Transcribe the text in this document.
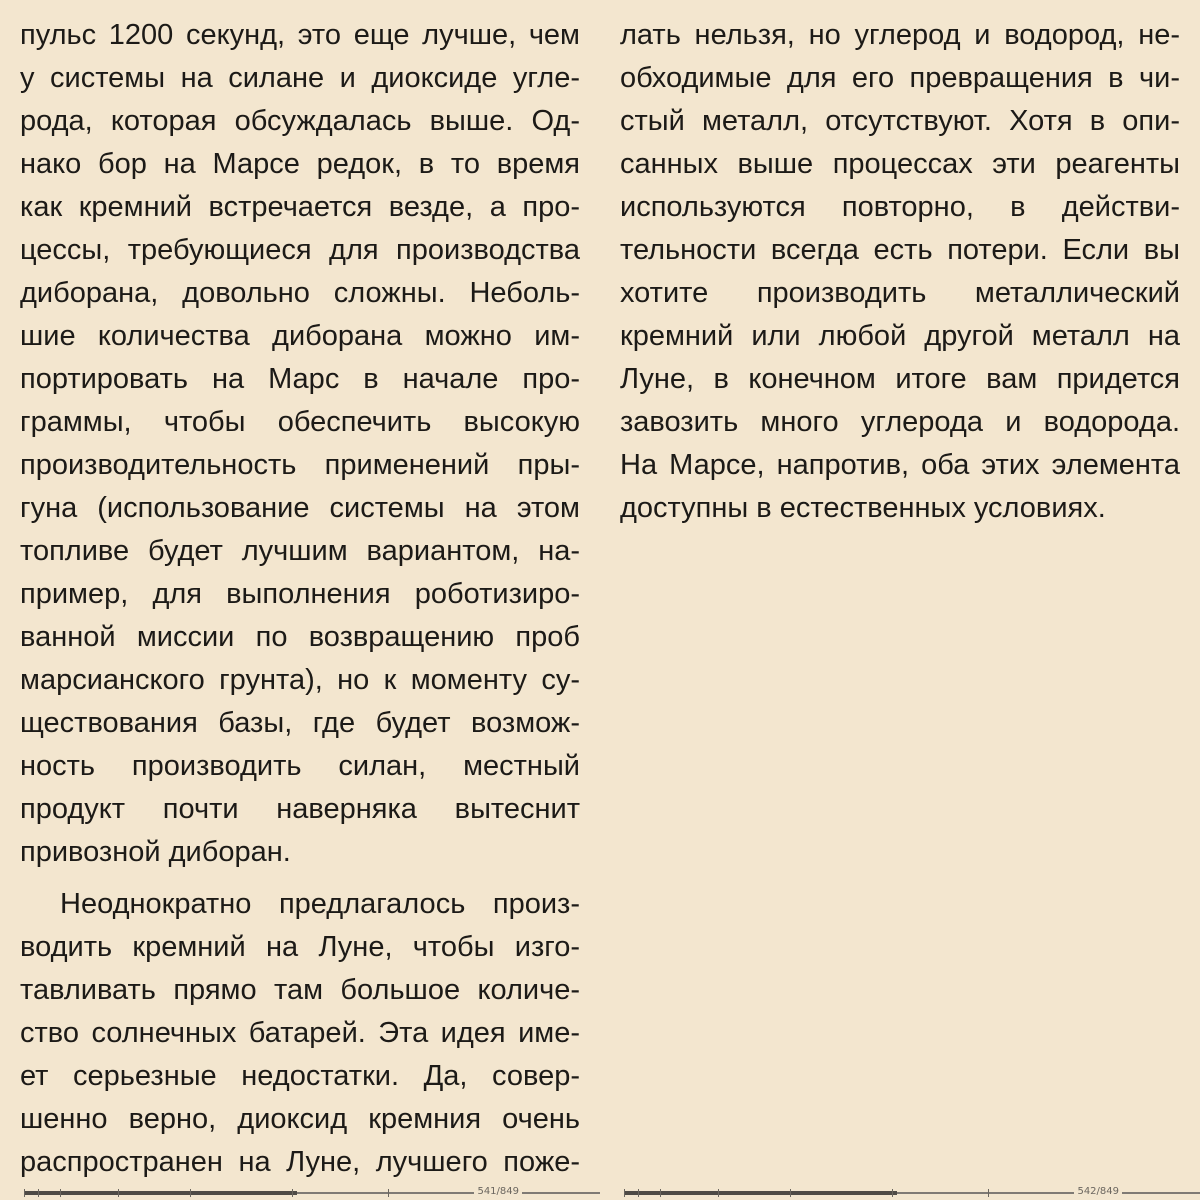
пульс 1200 секунд, это еще лучше, чем
у системы на силане и диоксиде угле-
рода, которая обсуждалась выше. Од-
нако бор на Марсе редок, в то время
как кремний встречается везде, а про-
цессы, требующиеся для производства
диборана, довольно сложны. Неболь-
шие количества диборана можно им-
портировать на Марс в начале про-
граммы, чтобы обеспечить высокую
производительность применений пры-
гуна (использование системы на этом
топливе будет лучшим вариантом, на-
пример, для выполнения роботизиро-
ванной миссии по возвращению проб
марсианского грунта), но к моменту су-
ществования базы, где будет возмож-
ность производить силан, местный
продукт почти наверняка вытеснит
привозной диборан.
Неоднократно предлагалось произ-
водить кремний на Луне, чтобы изго-
тавливать прямо там большое количе-
ство солнечных батарей. Эта идея име-
ет серьезные недостатки. Да, совер-
шенно верно, диоксид кремния очень
распространен на Луне, лучшего поже-
541/849
лать нельзя, но углерод и водород, не-
обходимые для его превращения в чи-
стый металл, отсутствуют. Хотя в опи-
санных выше процессах эти реагенты
используются повторно, в действи-
тельности всегда есть потери. Если вы
хотите производить металлический
кремний или любой другой металл на
Луне, в конечном итоге вам придется
завозить много углерода и водорода.
На Марсе, напротив, оба этих элемента
доступны в естественных условиях.
542/849
